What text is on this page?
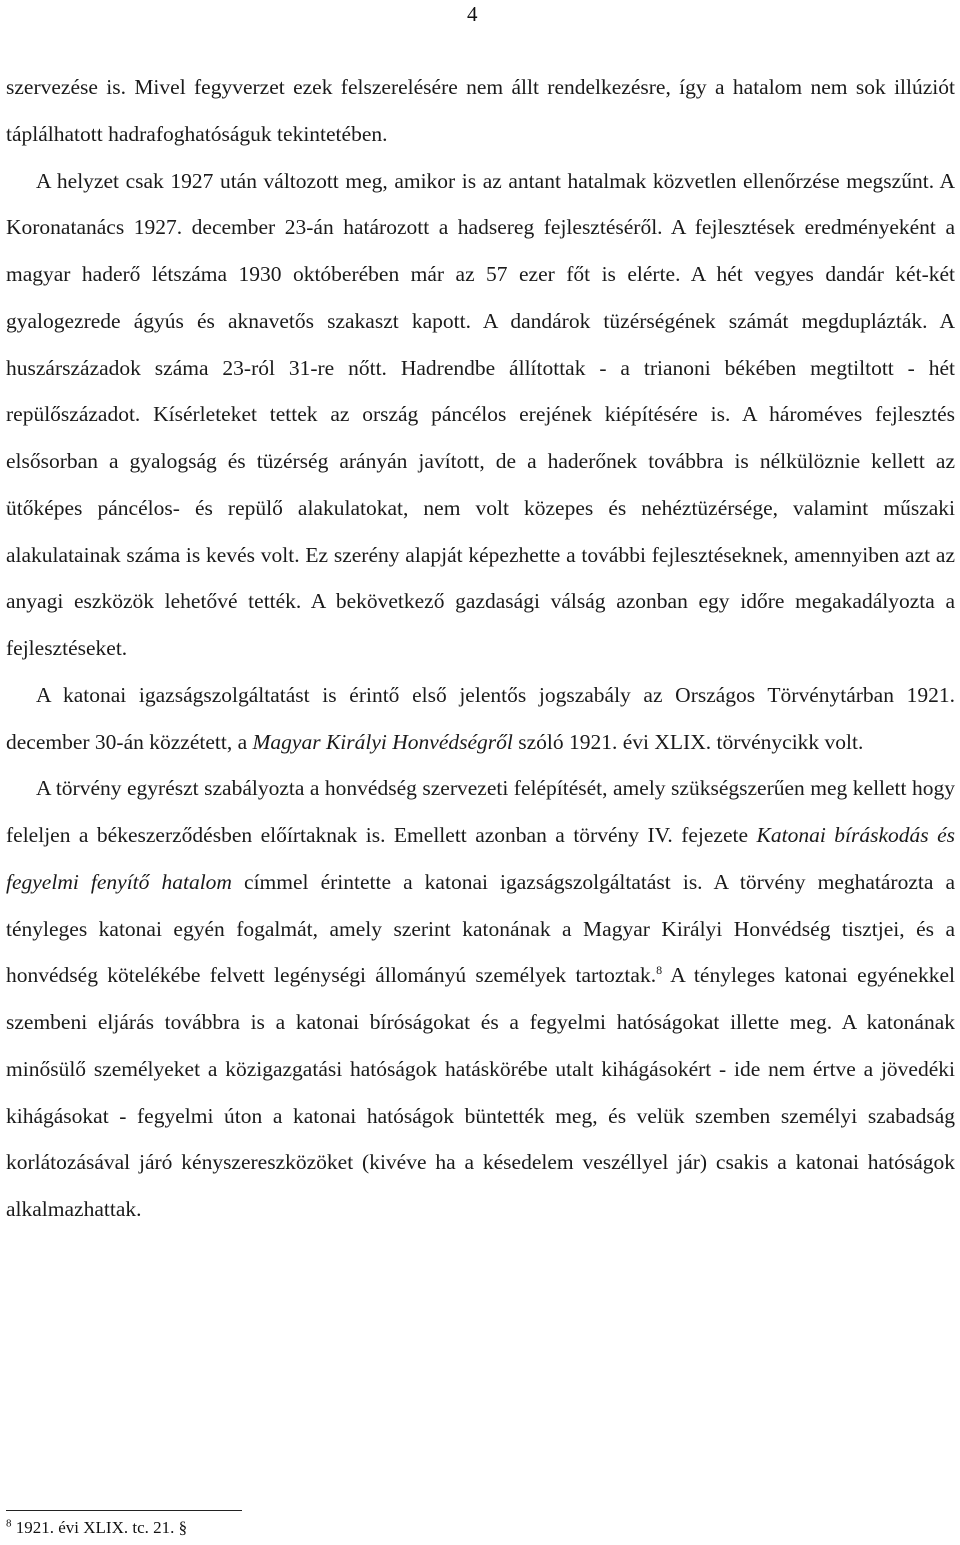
4

szervezése is. Mivel fegyverzet ezek felszerelésére nem állt rendelkezésre, így a hatalom nem sok illúziót táplálhatott hadrafoghatóságuk tekintetében.

A helyzet csak 1927 után változott meg, amikor is az antant hatalmak közvetlen ellenőrzése megszűnt. A Koronatanács 1927. december 23-án határozott a hadsereg fejlesztéséről. A fejlesztések eredményeként a magyar haderő létszáma 1930 októberében már az 57 ezer főt is elérte. A hét vegyes dandár két-két gyalogezrede ágyús és aknavetős szakaszt kapott. A dandárok tüzérségének számát megduplázták. A huszárszázadok száma 23-ról 31-re nőtt. Hadrendbe állítottak - a trianoni békében megtiltott - hét repülőszázadot. Kísérleteket tettek az ország páncélos erejének kiépítésére is. A hároméves fejlesztés elsősorban a gyalogság és tüzérség arányán javított, de a haderőnek továbbra is nélkülöznie kellett az ütőképes páncélos- és repülő alakulatokat, nem volt közepes és nehéztüzérsége, valamint műszaki alakulatainak száma is kevés volt. Ez szerény alapját képezhette a további fejlesztéseknek, amennyiben azt az anyagi eszközök lehetővé tették. A bekövetkező gazdasági válság azonban egy időre megakadályozta a fejlesztéseket.

A katonai igazságszolgáltatást is érintő első jelentős jogszabály az Országos Törvénytárban 1921. december 30-án közzétett, a Magyar Királyi Honvédségről szóló 1921. évi XLIX. törvénycikk volt.

A törvény egyrészt szabályozta a honvédség szervezeti felépítését, amely szükségszerűen meg kellett hogy feleljen a békeszerződésben előírtaknak is. Emellett azonban a törvény IV. fejezete Katonai bíráskodás és fegyelmi fenyítő hatalom címmel érintette a katonai igazságszolgáltatást is. A törvény meghatározta a tényleges katonai egyén fogalmát, amely szerint katonának a Magyar Királyi Honvédség tisztjei, és a honvédség kötelékébe felvett legénységi állományú személyek tartoztak.$^8$ A tényleges katonai egyénekkel szembeni eljárás továbbra is a katonai bíróságokat és a fegyelmi hatóságokat illette meg. A katonának minősülő személyeket a közigazgatási hatóságok hatáskörébe utalt kihágásokért - ide nem értve a jövedéki kihágásokat - fegyelmi úton a katonai hatóságok büntették meg, és velük szemben személyi szabadság korlátozásával járó kényszereszközöket (kivéve ha a késedelem veszéllyel jár) csakis a katonai hatóságok alkalmazhattak.

$^8$ 1921. évi XLIX. tc. 21. §
